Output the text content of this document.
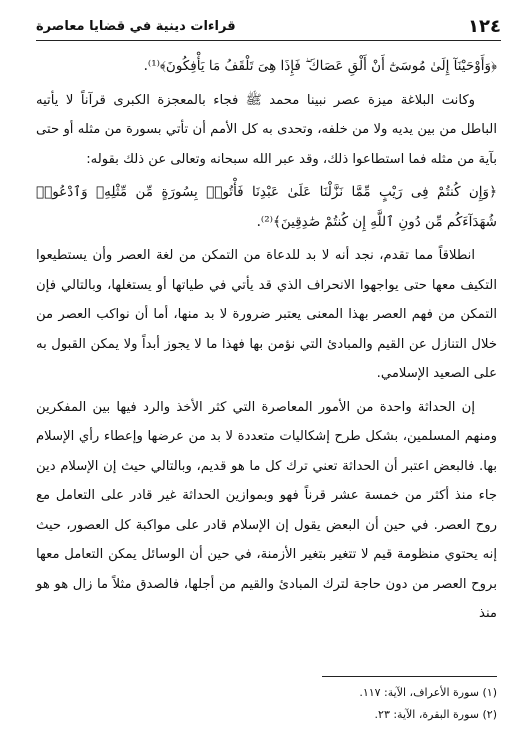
١٢٤
قراءات دينية في قضايا معاصرة

﴿وَأَوْحَيْنَآ إِلَىٰ مُوسَىٰٓ أَنْ أَلْقِ عَصَاكَ ۖ فَإِذَا هِىَ تَلْقَفُ مَا يَأْفِكُونَ﴾⁽¹⁾.

وكانت البلاغة ميزة عصر نبينا محمد ﷺ فجاء بالمعجزة الكبرى قرآناً لا يأتيه الباطل من بين يديه ولا من خلفه، وتحدى به كل الأمم أن تأتي بسورة من مثله أو حتى بآية من مثله فما استطاعوا ذلك، وقد عبر الله سبحانه وتعالى عن ذلك بقوله:

﴿وَإِن كُنتُمْ فِى رَيْبٍ مِّمَّا نَزَّلْنَا عَلَىٰ عَبْدِنَا فَأْتُوا۟ بِسُورَةٍ مِّن مِّثْلِهِۦ وَٱدْعُوا۟ شُهَدَآءَكُم مِّن دُونِ ٱللَّهِ إِن كُنتُمْ صَٰدِقِينَ﴾⁽²⁾.

انطلاقاً مما تقدم، نجد أنه لا بد للدعاة من التمكن من لغة العصر وأن يستطيعوا التكيف معها حتى يواجهوا الانحراف الذي قد يأتي في طياتها أو يستغلها، وبالتالي فإن التمكن من فهم العصر بهذا المعنى يعتبر ضرورة لا بد منها، أما أن نواكب العصر من خلال التنازل عن القيم والمبادئ التي نؤمن بها فهذا ما لا يجوز أبداً ولا يمكن القبول به على الصعيد الإسلامي.

إن الحداثة واحدة من الأمور المعاصرة التي كثر الأخذ والرد فيها بين المفكرين ومنهم المسلمين، بشكل طرح إشكاليات متعددة لا بد من عرضها وإعطاء رأي الإسلام بها. فالبعض اعتبر أن الحداثة تعني ترك كل ما هو قديم، وبالتالي حيث إن الإسلام دين جاء منذ أكثر من خمسة عشر قرناً فهو وبموازين الحداثة غير قادر على التعامل مع روح العصر. في حين أن البعض يقول إن الإسلام قادر على مواكبة كل العصور، حيث إنه يحتوي منظومة قيم لا تتغير بتغير الأزمنة، في حين أن الوسائل يمكن التعامل معها بروح العصر من دون حاجة لترك المبادئ والقيم من أجلها، فالصدق مثلاً ما زال هو هو منذ

(١) سورة الأعراف، الآية: ١١٧.
(٢) سورة البقرة، الآية: ٢٣.
